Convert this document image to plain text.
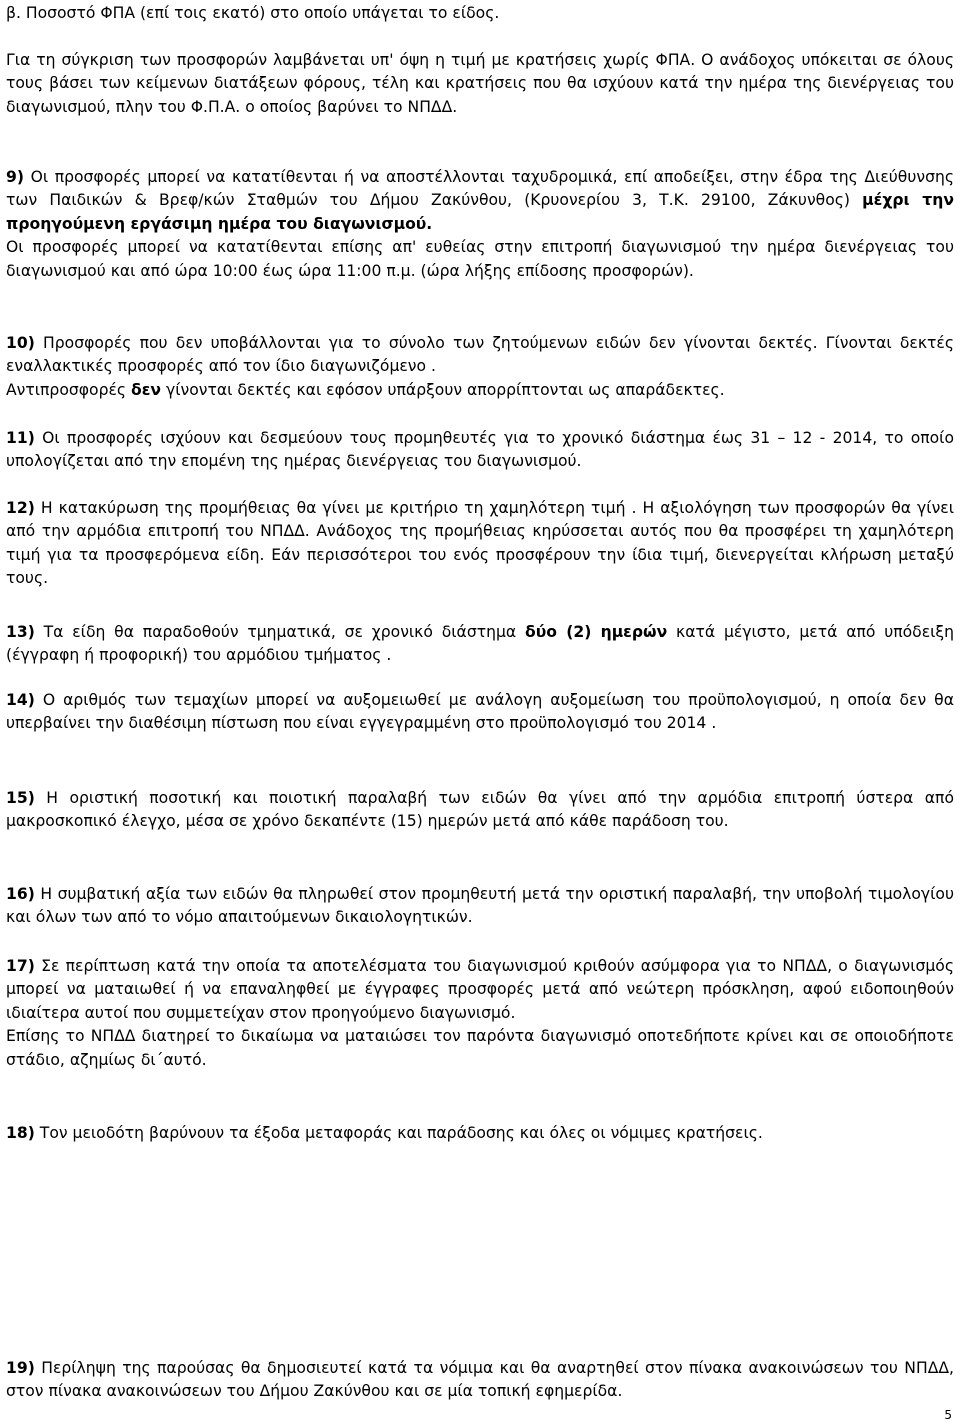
β. Ποσοστό ΦΠΑ (επί τοις εκατό) στο οποίο υπάγεται το είδος.

Για τη σύγκριση των προσφορών λαμβάνεται υπ' όψη η τιμή με κρατήσεις χωρίς ΦΠΑ. Ο ανάδοχος υπόκειται σε όλους τους βάσει των κείμενων διατάξεων φόρους, τέλη και κρατήσεις που θα ισχύουν κατά την ημέρα της διενέργειας του διαγωνισμού, πλην του Φ.Π.Α. ο οποίος βαρύνει το ΝΠΔΔ.

9) Οι προσφορές μπορεί να κατατίθενται ή να αποστέλλονται ταχυδρομικά, επί αποδείξει, στην έδρα της Διεύθυνσης των Παιδικών & Βρεφ/κών Σταθμών του Δήμου Ζακύνθου, (Κρυονερίου 3, Τ.Κ. 29100, Ζάκυνθος) μέχρι την προηγούμενη εργάσιμη ημέρα του διαγωνισμού.
Οι προσφορές μπορεί να κατατίθενται επίσης απ' ευθείας στην επιτροπή διαγωνισμού την ημέρα διενέργειας του διαγωνισμού και από ώρα 10:00 έως ώρα 11:00 π.μ. (ώρα λήξης επίδοσης προσφορών).

10) Προσφορές που δεν υποβάλλονται για το σύνολο των ζητούμενων ειδών δεν γίνονται δεκτές. Γίνονται δεκτές εναλλακτικές προσφορές από τον ίδιο διαγωνιζόμενο .
Αντιπροσφορές δεν γίνονται δεκτές και εφόσον υπάρξουν απορρίπτονται ως απαράδεκτες.

11) Οι προσφορές ισχύουν και δεσμεύουν τους προμηθευτές για το χρονικό διάστημα έως 31 – 12 - 2014, το οποίο υπολογίζεται από την επομένη της ημέρας διενέργειας του διαγωνισμού.

12) Η κατακύρωση της προμήθειας θα γίνει με κριτήριο τη χαμηλότερη τιμή . Η αξιολόγηση των προσφορών θα γίνει από την αρμόδια επιτροπή του ΝΠΔΔ. Ανάδοχος της προμήθειας κηρύσσεται αυτός που θα προσφέρει τη χαμηλότερη τιμή για τα προσφερόμενα είδη. Εάν περισσότεροι του ενός προσφέρουν την ίδια τιμή, διενεργείται κλήρωση μεταξύ τους.

13) Τα είδη θα παραδοθούν τμηματικά, σε χρονικό διάστημα δύο (2) ημερών κατά μέγιστο, μετά από υπόδειξη (έγγραφη ή προφορική) του αρμόδιου τμήματος .

14) Ο αριθμός των τεμαχίων μπορεί να αυξομειωθεί με ανάλογη αυξομείωση του προϋπολογισμού, η οποία δεν θα υπερβαίνει την διαθέσιμη πίστωση που είναι εγγεγραμμένη στο προϋπολογισμό του 2014 .

15) Η οριστική ποσοτική και ποιοτική παραλαβή των ειδών θα γίνει από την αρμόδια επιτροπή ύστερα από μακροσκοπικό έλεγχο, μέσα σε χρόνο δεκαπέντε (15) ημερών μετά από κάθε παράδοση του.

16) Η συμβατική αξία των ειδών θα πληρωθεί στον προμηθευτή μετά την οριστική παραλαβή, την υποβολή τιμολογίου και όλων των από το νόμο απαιτούμενων δικαιολογητικών.

17) Σε περίπτωση κατά την οποία τα αποτελέσματα του διαγωνισμού κριθούν ασύμφορα για το ΝΠΔΔ, ο διαγωνισμός μπορεί να ματαιωθεί ή να επαναληφθεί με έγγραφες προσφορές μετά από νεώτερη πρόσκληση, αφού ειδοποιηθούν ιδιαίτερα αυτοί που συμμετείχαν στον προηγούμενο διαγωνισμό.
Επίσης το ΝΠΔΔ διατηρεί το δικαίωμα να ματαιώσει τον παρόντα διαγωνισμό οποτεδήποτε κρίνει και σε οποιοδήποτε στάδιο, αζημίως δι΄αυτό.

18) Τον μειοδότη βαρύνουν τα έξοδα μεταφοράς και παράδοσης και όλες οι νόμιμες κρατήσεις.

19) Περίληψη της παρούσας θα δημοσιευτεί κατά τα νόμιμα και θα αναρτηθεί στον πίνακα ανακοινώσεων του ΝΠΔΔ, στον πίνακα ανακοινώσεων του Δήμου Ζακύνθου και σε μία τοπική εφημερίδα.

5
